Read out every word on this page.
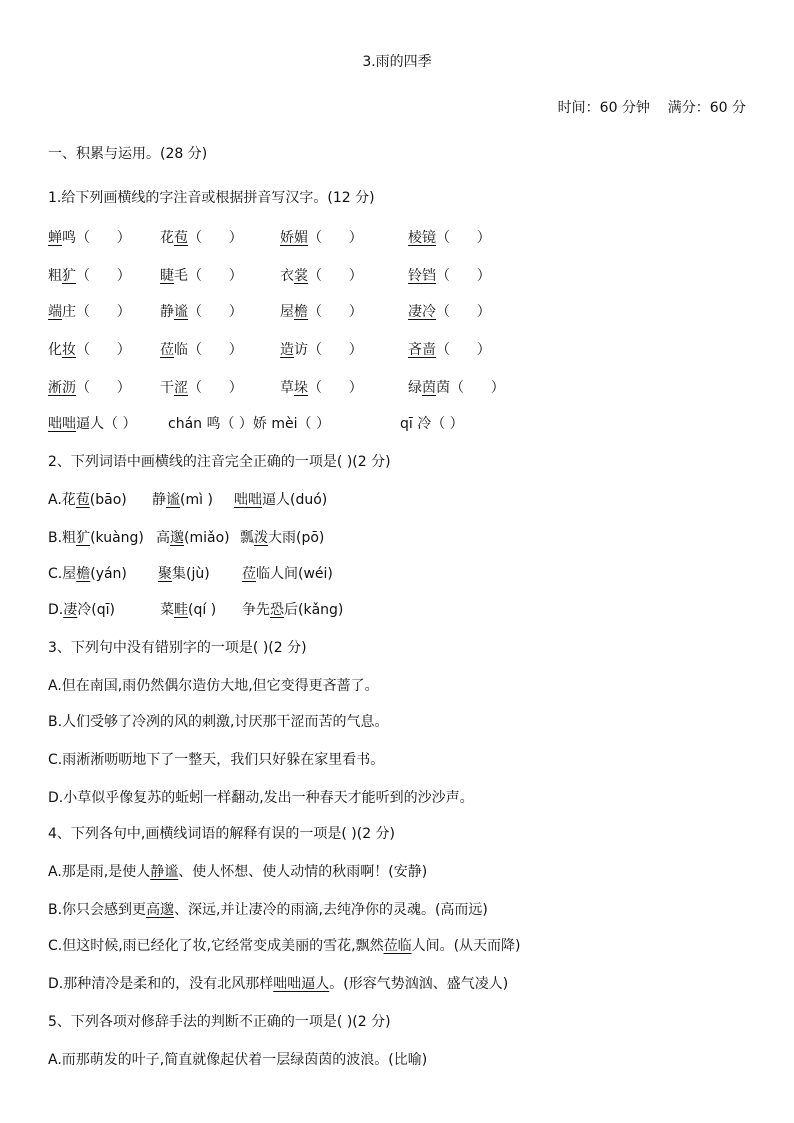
3.雨的四季
时间：60 分钟    满分：60 分
一、积累与运用。(28 分)
1.给下列画横线的字注音或根据拼音写汉字。(12 分)
蝉鸣（      ） 花苞（      ）	娇媚（      ）	棱镜（      ）
粗犷（      ） 睫毛（      ）	衣裳（      ）	铃铛（      ）
端庄（      ） 静谧（      ）	屋檐（      ）	凄冷（      ）
化妆（      ） 莅临（      ）	造访（      ）	吝啬（      ）
淅沥（      ） 干涩（      ）	草垛（      ）	绿茵茵（      ）
咄咄逼人（ ） chán 鸣（ ）娇 mèi（ ）	qī 冷（ ）
2、下列词语中画横线的注音完全正确的一项是( )(2 分)
A.花苞(bāo) 静谧(mì ) 咄咄逼人(duó)
B.粗犷(kuàng) 高邈(miǎo) 瓢泼大雨(pō)
C.屋檐(yán) 聚集(jù) 莅临人间(wéi)
D.凄冷(qī)	菜畦(qí ) 争先恐后(kǎng)
3、下列句中没有错别字的一项是( )(2 分)
A.但在南国,雨仍然偶尔造仿大地,但它变得更吝蔷了。
B.人们受够了冷冽的风的刺激,讨厌那干涩而苦的气息。
C.雨淅淅呖呖地下了一整天，我们只好躲在家里看书。
D.小草似乎像复苏的蚯蚓一样翻动,发出一种春天才能听到的沙沙声。
4、下列各句中,画横线词语的解释有误的一项是( )(2 分)
A.那是雨,是使人静谧、使人怀想、使人动情的秋雨啊！(安静)
B.你只会感到更高邈、深远,并让凄冷的雨滴,去纯净你的灵魂。(高而远)
C.但这时候,雨已经化了妆,它经常变成美丽的雪花,飘然莅临人间。(从天而降)
D.那种清冷是柔和的，没有北风那样咄咄逼人。(形容气势汹汹、盛气凌人)
5、下列各项对修辞手法的判断不正确的一项是( )(2 分)
A.而那萌发的叶子,简直就像起伏着一层绿茵茵的波浪。(比喻)
